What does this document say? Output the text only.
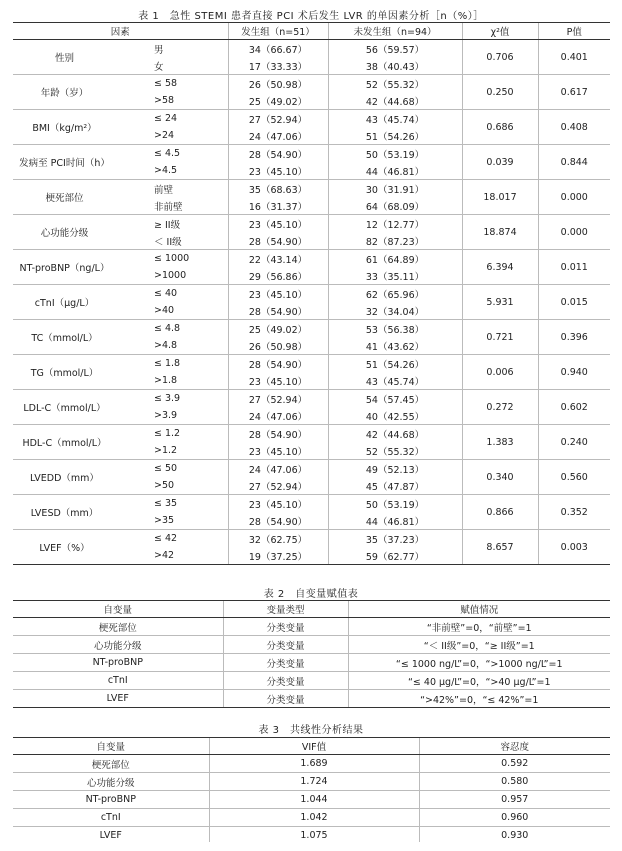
表 1　急性 STEMI 患者直接 PCI 术后发生 LVR 的单因素分析［n（%）］
因素		发生组（n=51）	未发生组（n=94）	χ²值	P值
性别	男	34（66.67）	56（59.57）	0.706	0.401
	女	17（33.33）	38（40.43）		
年龄（岁）	≤ 58	26（50.98）	52（55.32）	0.250	0.617
	>58	25（49.02）	42（44.68）		
BMI（kg/m²）	≤ 24	27（52.94）	43（45.74）	0.686	0.408
	>24	24（47.06）	51（54.26）		
发病至 PCI时间（h）	≤ 4.5	28（54.90）	50（53.19）	0.039	0.844
	>4.5	23（45.10）	44（46.81）		
梗死部位	前壁	35（68.63）	30（31.91）	18.017	0.000
	非前壁	16（31.37）	64（68.09）		
心功能分级	≥ II级	23（45.10）	12（12.77）	18.874	0.000
	＜ II级	28（54.90）	82（87.23）		
NT-proBNP（ng/L）	≤ 1000	22（43.14）	61（64.89）	6.394	0.011
	>1000	29（56.86）	33（35.11）		
cTnI（μg/L）	≤ 40	23（45.10）	62（65.96）	5.931	0.015
	>40	28（54.90）	32（34.04）		
TC（mmol/L）	≤ 4.8	25（49.02）	53（56.38）	0.721	0.396
	>4.8	26（50.98）	41（43.62）		
TG（mmol/L）	≤ 1.8	28（54.90）	51（54.26）	0.006	0.940
	>1.8	23（45.10）	43（45.74）		
LDL-C（mmol/L）	≤ 3.9	27（52.94）	54（57.45）	0.272	0.602
	>3.9	24（47.06）	40（42.55）		
HDL-C（mmol/L）	≤ 1.2	28（54.90）	42（44.68）	1.383	0.240
	>1.2	23（45.10）	52（55.32）		
LVEDD（mm）	≤ 50	24（47.06）	49（52.13）	0.340	0.560
	>50	27（52.94）	45（47.87）		
LVESD（mm）	≤ 35	23（45.10）	50（53.19）	0.866	0.352
	>35	28（54.90）	44（46.81）		
LVEF（%）	≤ 42	32（62.75）	35（37.23）	8.657	0.003
	>42	19（37.25）	59（62.77）		
表 2　自变量赋值表
自变量	变量类型	赋值情况
梗死部位	分类变量	“非前壁”=0，“前壁”=1
心功能分级	分类变量	“＜ II级”=0，“≥ II级”=1
NT-proBNP	分类变量	“≤ 1000 ng/L”=0，“>1000 ng/L”=1
cTnI	分类变量	“≤ 40 μg/L”=0，“>40 μg/L”=1
LVEF	分类变量	“>42%”=0，“≤ 42%”=1
表 3　共线性分析结果
自变量	VIF值	容忍度
梗死部位	1.689	0.592
心功能分级	1.724	0.580
NT-proBNP	1.044	0.957
cTnI	1.042	0.960
LVEF	1.075	0.930
